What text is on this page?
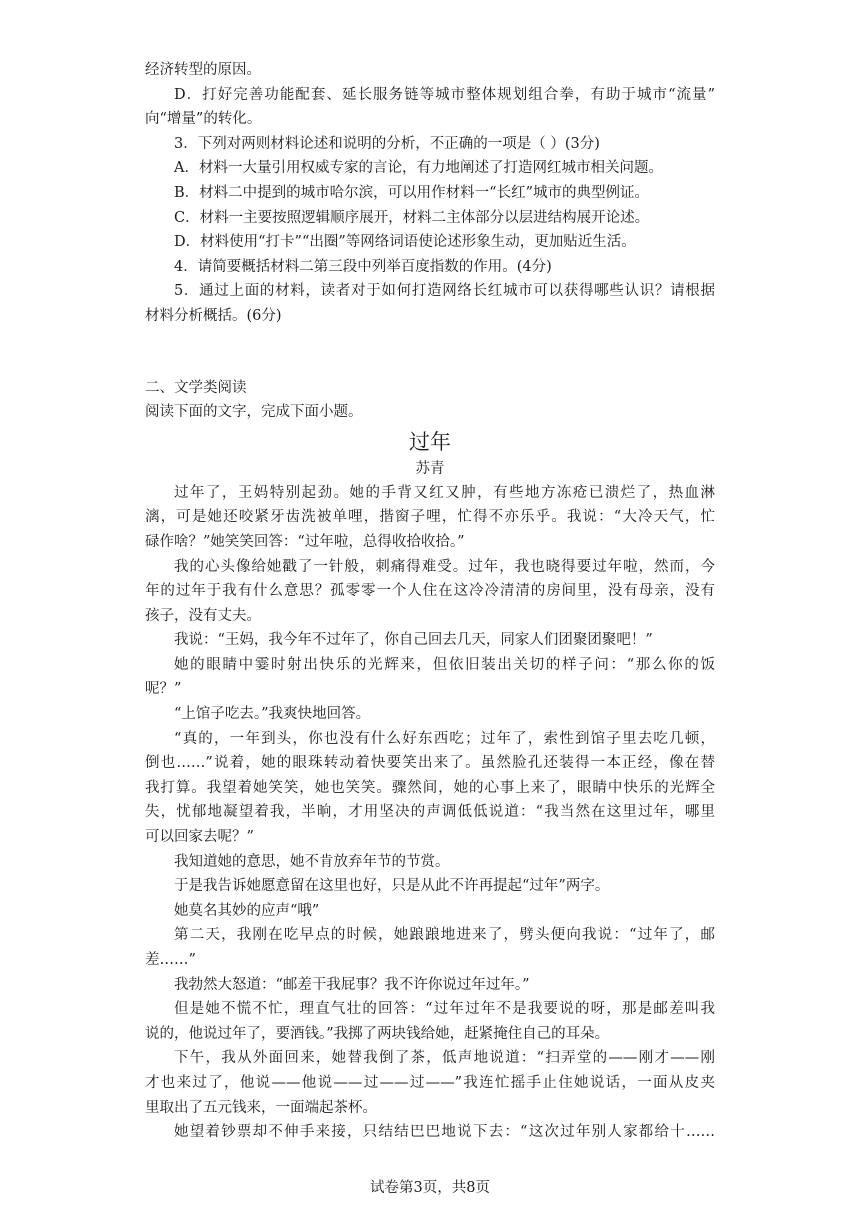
经济转型的原因。
D．打好完善功能配套、延长服务链等城市整体规划组合拳，有助于城市“流量”
向“增量”的转化。
3．下列对两则材料论述和说明的分析，不正确的一项是（ ）(3分)
A．材料一大量引用权威专家的言论，有力地阐述了打造网红城市相关问题。
B．材料二中提到的城市哈尔滨，可以用作材料一“长红”城市的典型例证。
C．材料一主要按照逻辑顺序展开，材料二主体部分以层进结构展开论述。
D．材料使用“打卡”“出圈”等网络词语使论述形象生动，更加贴近生活。
4．请简要概括材料二第三段中列举百度指数的作用。(4分)
5．通过上面的材料，读者对于如何打造网络长红城市可以获得哪些认识？请根据
材料分析概括。(6分)
二、文学类阅读
阅读下面的文字，完成下面小题。
过年
苏青
过年了，王妈特别起劲。她的手背又红又肿，有些地方冻疮已溃烂了，热血淋
漓，可是她还咬紧牙齿洗被单哩，揩窗子哩，忙得不亦乐乎。我说：“大冷天气，忙
碌作啥？”她笑笑回答：“过年啦，总得收拾收拾。”
我的心头像给她戳了一针般，刺痛得难受。过年，我也晓得要过年啦，然而，今
年的过年于我有什么意思？孤零零一个人住在这冷冷清清的房间里，没有母亲，没有
孩子，没有丈夫。
我说：“王妈，我今年不过年了，你自己回去几天，同家人们团聚团聚吧！”
她的眼睛中霎时射出快乐的光辉来，但依旧装出关切的样子问：“那么你的饭
呢？”
“上馆子吃去。”我爽快地回答。
“真的，一年到头，你也没有什么好东西吃；过年了，索性到馆子里去吃几顿，
倒也……”说着，她的眼珠转动着快要笑出来了。虽然脸孔还装得一本正经，像在替
我打算。我望着她笑笑，她也笑笑。骤然间，她的心事上来了，眼睛中快乐的光辉全
失，忧郁地凝望着我，半晌，才用坚决的声调低低说道：“我当然在这里过年，哪里
可以回家去呢？”
我知道她的意思，她不肯放弃年节的节赏。
于是我告诉她愿意留在这里也好，只是从此不许再提起“过年”两字。
她莫名其妙的应声“哦”
第二天，我刚在吃早点的时候，她踉踉地进来了，劈头便向我说：“过年了，邮
差……”
我勃然大怒道：“邮差干我屁事？我不许你说过年过年。”
但是她不慌不忙，理直气壮的回答：“过年过年不是我要说的呀，那是邮差叫我
说的，他说过年了，要酒钱。”我掷了两块钱给她，赶紧掩住自己的耳朵。
下午，我从外面回来，她替我倒了茶，低声地说道：“扫弄堂的——刚才——刚
才也来过了，他说——他说——过——过——”我连忙摇手止住她说话，一面从皮夹
里取出了五元钱来，一面端起茶杯。
她望着钞票却不伸手来接，只结结巴巴地说下去：“这次过年别人家都给十……
试卷第3页，共8页
